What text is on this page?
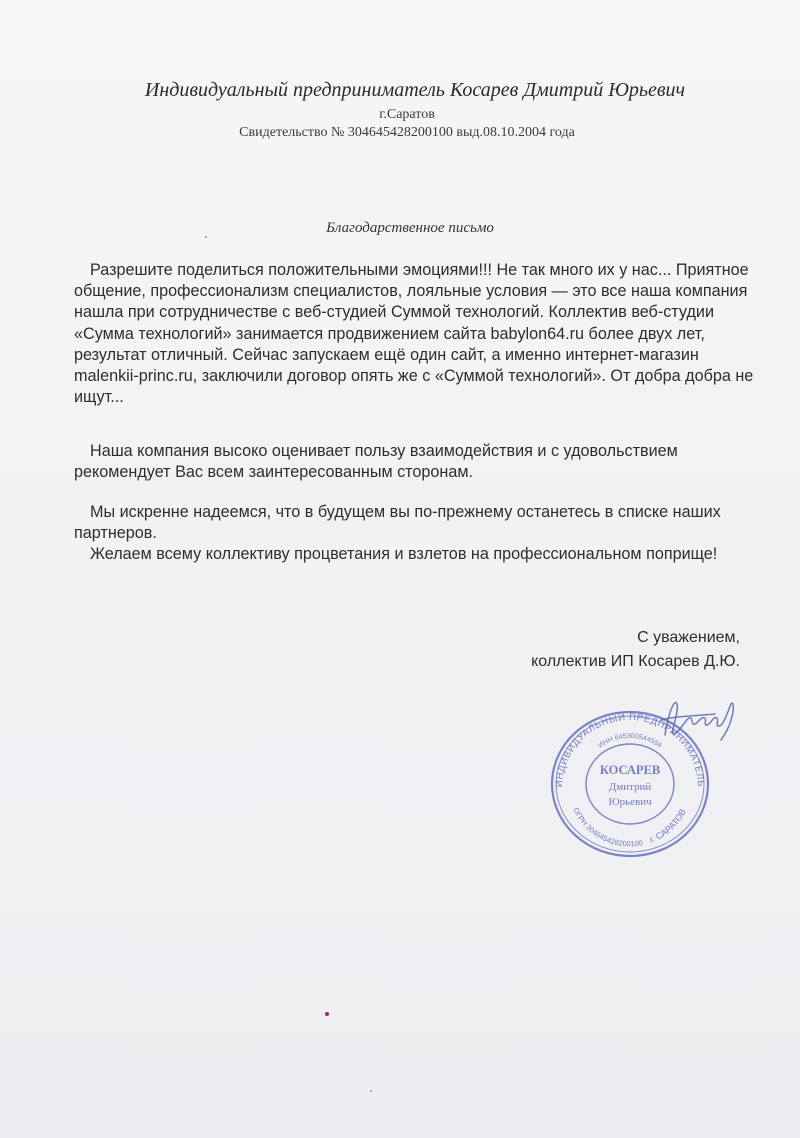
Индивидуальный предприниматель Косарев Дмитрий Юрьевич
г.Саратов
Свидетельство № 304645428200100 выд.08.10.2004 года
Благодарственное письмо

Разрешите поделиться положительными эмоциями!!! Не так много их у нас... Приятное общение, профессионализм специалистов, лояльные условия — это все наша компания нашла при сотрудничестве с веб-студией Суммой технологий. Коллектив веб-студии «Сумма технологий» занимается продвижением сайта babylon64.ru более двух лет, результат отличный. Сейчас запускаем ещё один сайт, а именно интернет-магазин malenkii-princ.ru, заключили договор опять же с «Суммой технологий». От добра добра не ищут...

Наша компания высоко оценивает пользу взаимодействия и с удовольствием рекомендует Вас всем заинтересованным сторонам.

Мы искренне надеемся, что в будущем вы по-прежнему останетесь в списке наших партнеров.

Желаем всему коллективу процветания и взлетов на профессиональном поприще!

С уважением,
коллектив ИП Косарев Д.Ю.
ИНДИВИДУАЛЬНЫЙ ПРЕДПРИНИМАТЕЛЬ
ИНН 645300544556
ОГРН 304645428200100 г. САРАТОВ
КОСАРЕВ
Дмитрий
Юрьевич
